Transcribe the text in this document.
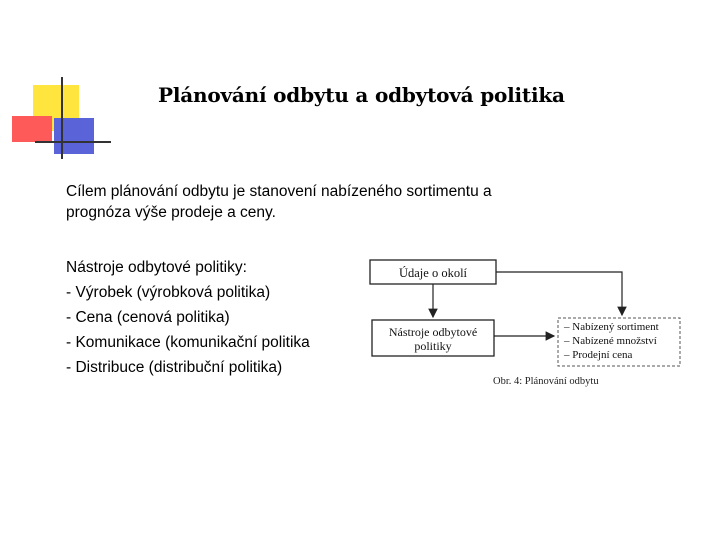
Plánování odbytu a odbytová politika
Cílem plánování odbytu je stanovení nabízeného sortimentu a
prognóza výše prodeje a ceny.
Nástroje odbytové politiky:
- Výrobek (výrobková politika)
- Cena (cenová politika)
- Komunikace (komunikační politika
- Distribuce (distribuční politika)
Údaje o okolí
Nástroje odbytové
politiky
– Nabízený sortiment
– Nabízené množství
– Prodejní cena
Obr. 4: Plánování odbytu
